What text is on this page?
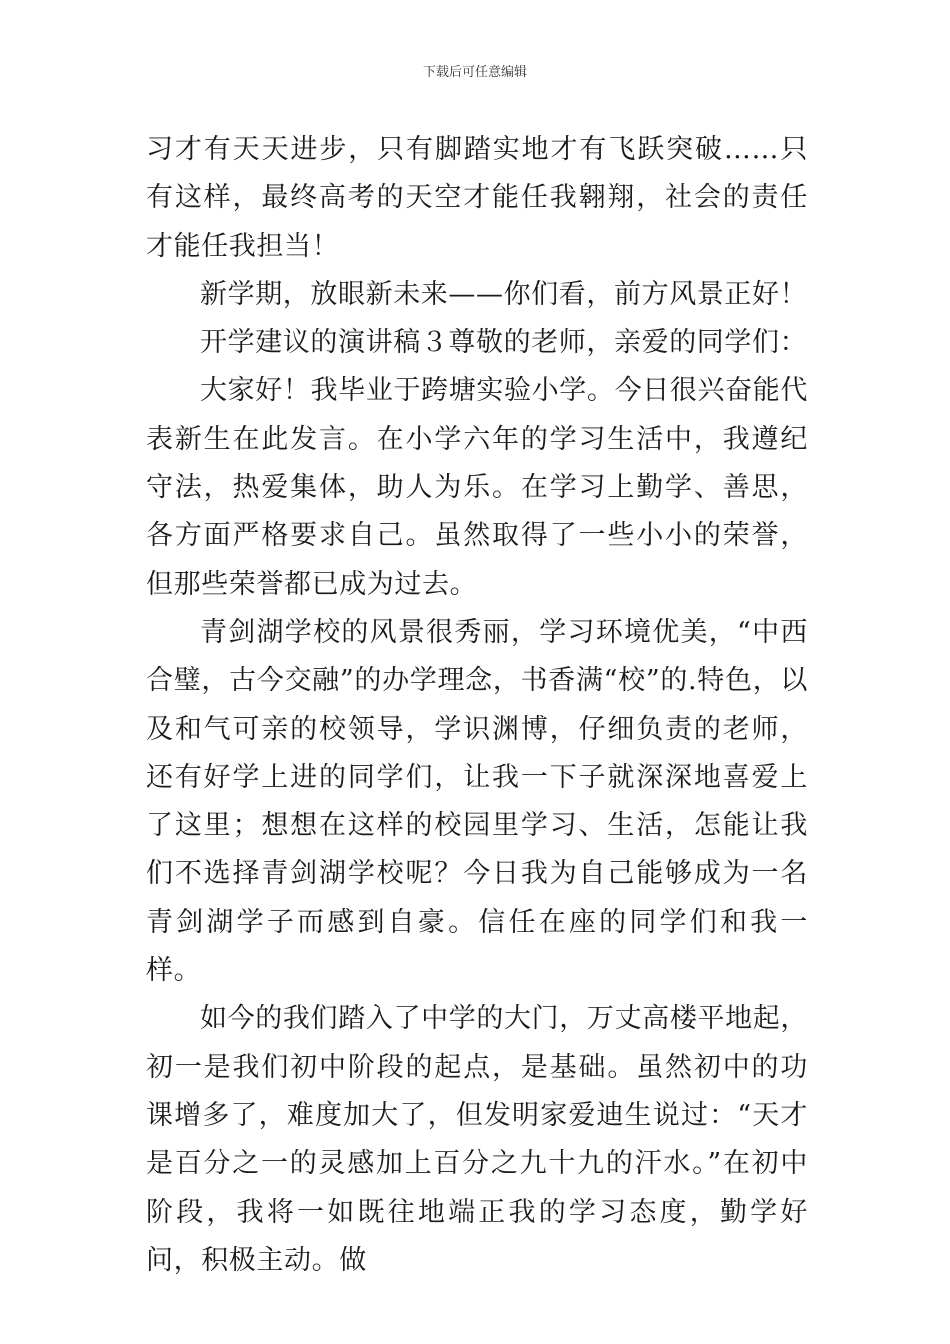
下载后可任意编辑

习才有天天进步，只有脚踏实地才有飞跃突破……只有这样，最终高考的天空才能任我翱翔，社会的责任才能任我担当！

新学期，放眼新未来——你们看，前方风景正好！

开学建议的演讲稿３尊敬的老师，亲爱的同学们：

大家好！我毕业于跨塘实验小学。今日很兴奋能代表新生在此发言。在小学六年的学习生活中，我遵纪守法，热爱集体，助人为乐。在学习上勤学、善思，各方面严格要求自己。虽然取得了一些小小的荣誉，但那些荣誉都已成为过去。

青剑湖学校的风景很秀丽，学习环境优美，“中西合璧，古今交融”的办学理念，书香满“校”的.特色，以及和气可亲的校领导，学识渊博，仔细负责的老师，还有好学上进的同学们，让我一下子就深深地喜爱上了这里；想想在这样的校园里学习、生活，怎能让我们不选择青剑湖学校呢？今日我为自己能够成为一名青剑湖学子而感到自豪。信任在座的同学们和我一样。

如今的我们踏入了中学的大门，万丈高楼平地起，初一是我们初中阶段的起点，是基础。虽然初中的功课增多了，难度加大了，但发明家爱迪生说过：“天才是百分之一的灵感加上百分之九十九的汗水。”在初中阶段，我将一如既往地端正我的学习态度，勤学好问，积极主动。做
